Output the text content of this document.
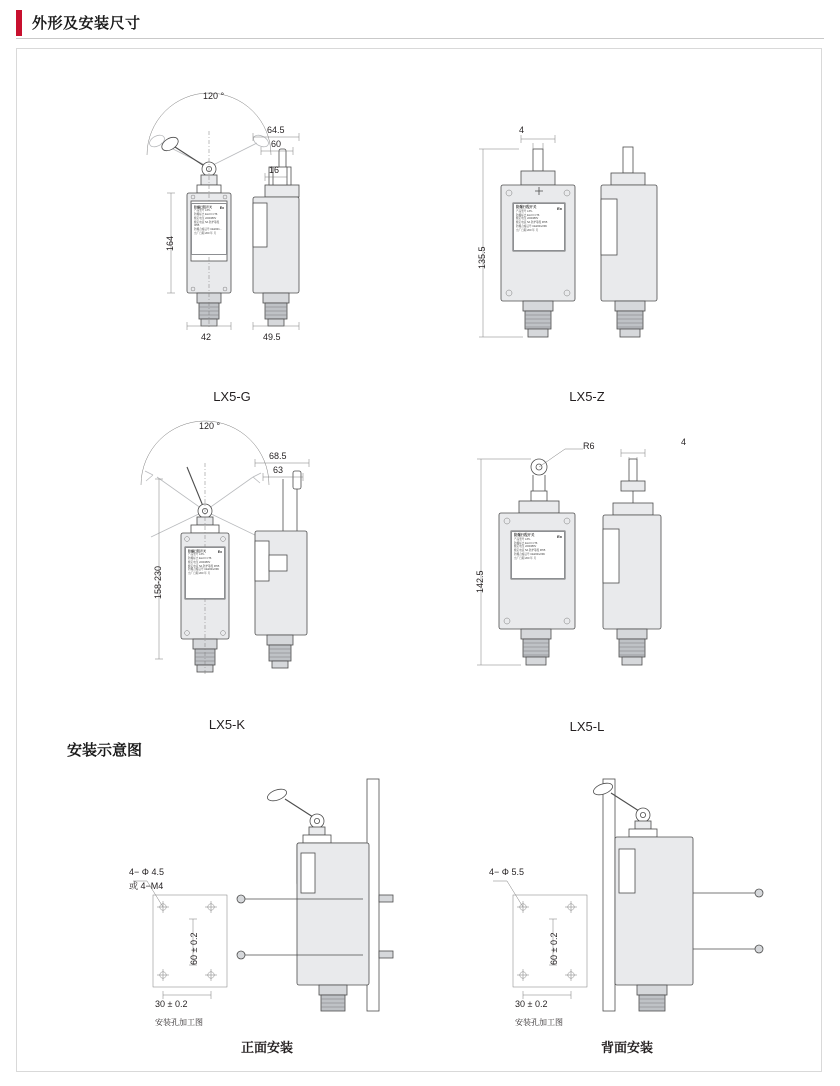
外形及安装尺寸
120 °
64.5
60
16
164
42	49.5
防爆行程开关	Ex
产品型号 LX5-
防爆标志 Exd II CT6
额定电压 220/380V
额定电流 5A 防护等级 IP65
防爆合格证号 CE2001…
出厂日期 200 年 月
LX5-G
4
135.5
防爆行程开关	Ex
产品型号 LX5-
防爆标志 Exd II CT6
额定电压 220/380V
额定电流 5A 防护等级 IP65
防爆合格证号 CE2001/299
出厂日期 200 年 月
LX5-Z
120 °
68.5
63
158-230
防爆行程开关	Ex
产品型号 LX5-
防爆标志 Exd II CT6
额定电压 220/380V
额定电流 5A 防护等级 IP65
防爆合格证号 CE2001/299
出厂日期 200 年 月
LX5-K
R6	4
142.5
防爆行程开关	Ex
产品型号 LX5-
防爆标志 Exd II CT6
额定电压 220/380V
额定电流 5A 防护等级 IP65
防爆合格证号 CE2001/299
出厂日期 200 年 月
LX5-L
安装示意图
4− Φ 4.5
或 4−M4
60 ± 0.2
30 ± 0.2
安装孔加工图
正面安装
4− Φ 5.5
60 ± 0.2
30 ± 0.2
安装孔加工图
背面安装
